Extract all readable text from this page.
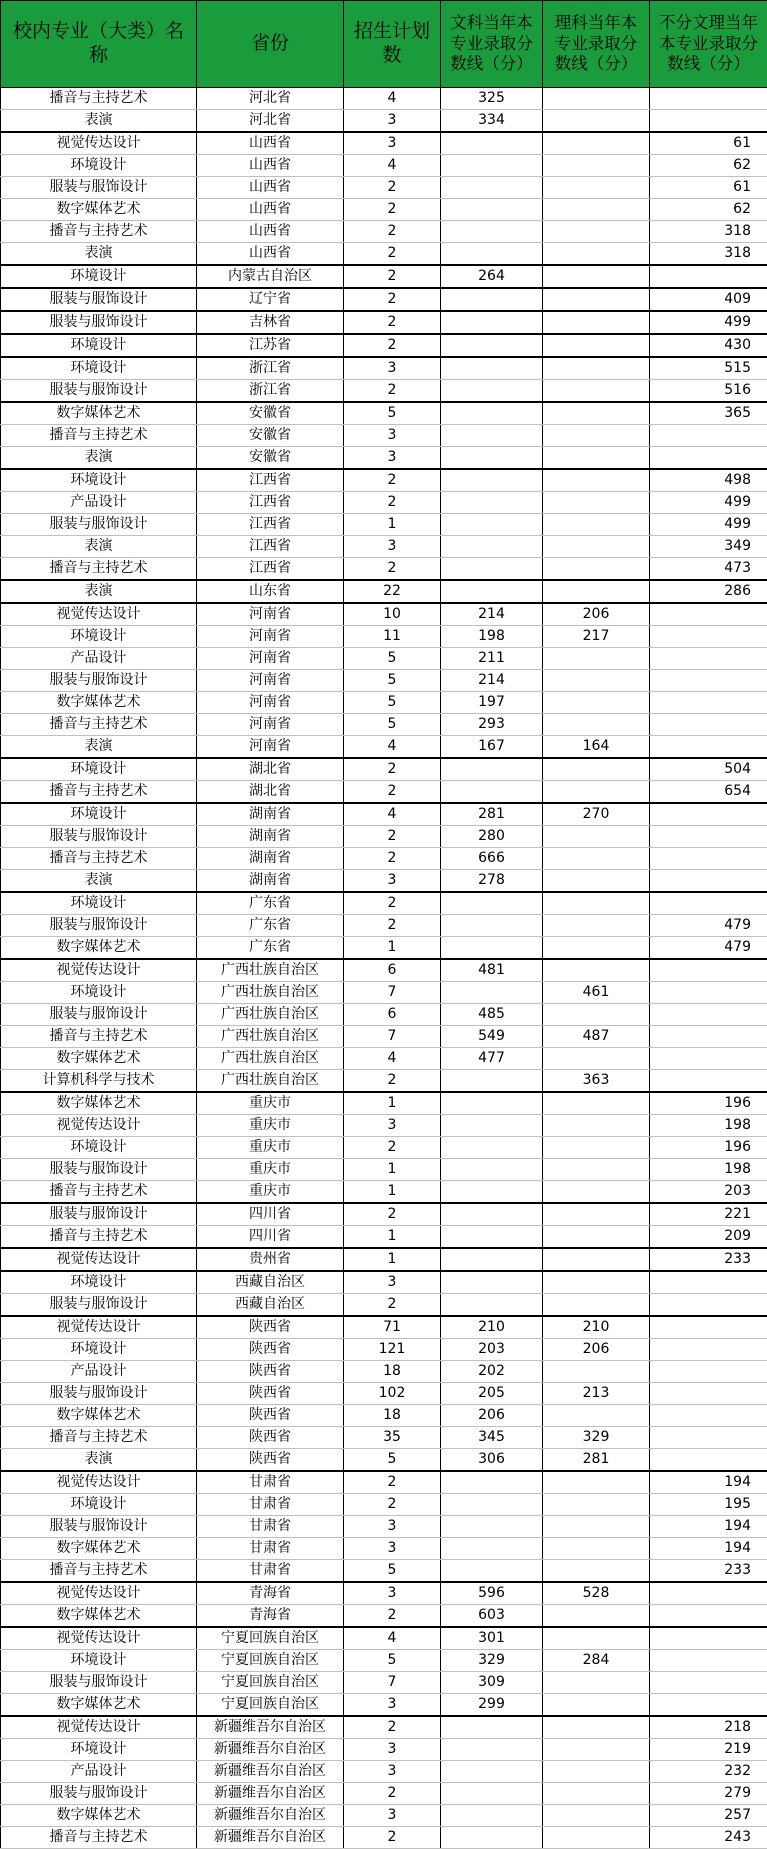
校内专业（大类）名称	省份	招生计划数	文科当年本专业录取分数线（分）	理科当年本专业录取分数线（分）	不分文理当年本专业录取分数线（分）
播音与主持艺术	河北省	4	325		
表演	河北省	3	334		
视觉传达设计	山西省	3			61
环境设计	山西省	4			62
服装与服饰设计	山西省	2			61
数字媒体艺术	山西省	2			62
播音与主持艺术	山西省	2			318
表演	山西省	2			318
环境设计	内蒙古自治区	2	264		
服装与服饰设计	辽宁省	2			409
服装与服饰设计	吉林省	2			499
环境设计	江苏省	2			430
环境设计	浙江省	3			515
服装与服饰设计	浙江省	2			516
数字媒体艺术	安徽省	5			365
播音与主持艺术	安徽省	3			
表演	安徽省	3			
环境设计	江西省	2			498
产品设计	江西省	2			499
服装与服饰设计	江西省	1			499
表演	江西省	3			349
播音与主持艺术	江西省	2			473
表演	山东省	22			286
视觉传达设计	河南省	10	214	206	
环境设计	河南省	11	198	217	
产品设计	河南省	5	211		
服装与服饰设计	河南省	5	214		
数字媒体艺术	河南省	5	197		
播音与主持艺术	河南省	5	293		
表演	河南省	4	167	164	
环境设计	湖北省	2			504
播音与主持艺术	湖北省	2			654
环境设计	湖南省	4	281	270	
服装与服饰设计	湖南省	2	280		
播音与主持艺术	湖南省	2	666		
表演	湖南省	3	278		
环境设计	广东省	2			
服装与服饰设计	广东省	2			479
数字媒体艺术	广东省	1			479
视觉传达设计	广西壮族自治区	6	481		
环境设计	广西壮族自治区	7		461	
服装与服饰设计	广西壮族自治区	6	485		
播音与主持艺术	广西壮族自治区	7	549	487	
数字媒体艺术	广西壮族自治区	4	477		
计算机科学与技术	广西壮族自治区	2		363	
数字媒体艺术	重庆市	1			196
视觉传达设计	重庆市	3			198
环境设计	重庆市	2			196
服装与服饰设计	重庆市	1			198
播音与主持艺术	重庆市	1			203
服装与服饰设计	四川省	2			221
播音与主持艺术	四川省	1			209
视觉传达设计	贵州省	1			233
环境设计	西藏自治区	3			
服装与服饰设计	西藏自治区	2			
视觉传达设计	陕西省	71	210	210	
环境设计	陕西省	121	203	206	
产品设计	陕西省	18	202		
服装与服饰设计	陕西省	102	205	213	
数字媒体艺术	陕西省	18	206		
播音与主持艺术	陕西省	35	345	329	
表演	陕西省	5	306	281	
视觉传达设计	甘肃省	2			194
环境设计	甘肃省	2			195
服装与服饰设计	甘肃省	3			194
数字媒体艺术	甘肃省	3			194
播音与主持艺术	甘肃省	5			233
视觉传达设计	青海省	3	596	528	
数字媒体艺术	青海省	2	603		
视觉传达设计	宁夏回族自治区	4	301		
环境设计	宁夏回族自治区	5	329	284	
服装与服饰设计	宁夏回族自治区	7	309		
数字媒体艺术	宁夏回族自治区	3	299		
视觉传达设计	新疆维吾尔自治区	2			218
环境设计	新疆维吾尔自治区	3			219
产品设计	新疆维吾尔自治区	3			232
服装与服饰设计	新疆维吾尔自治区	2			279
数字媒体艺术	新疆维吾尔自治区	3			257
播音与主持艺术	新疆维吾尔自治区	2			243
